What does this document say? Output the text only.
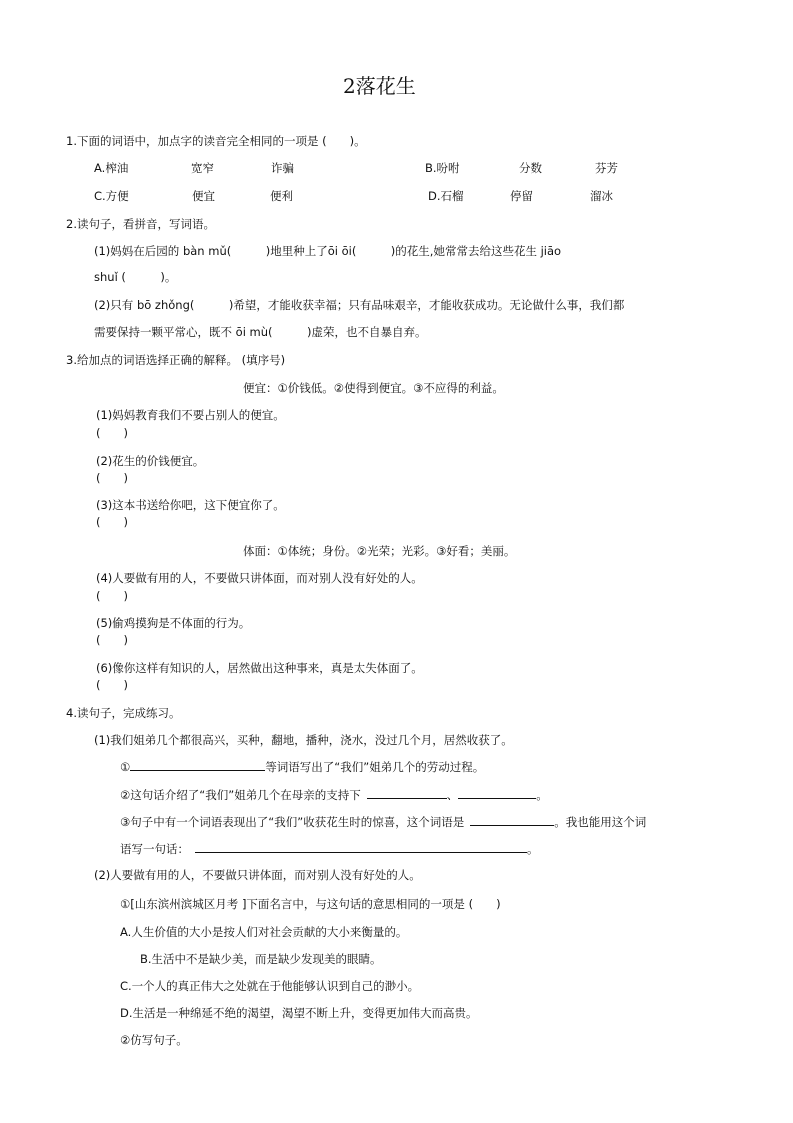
2落花生
1.下面的词语中，加点字的读音完全相同的一项是 (　　)。
A.榨油	宽窄	诈骗	B.吩咐	分数	芬芳
C.方便	便宜	便利	D.石榴	停留	溜冰
2.读句子，看拼音，写词语。
(1)妈妈在后园的 bàn mǔ(　　　)地里种上了ōi ōi(　　　)的花生,她常常去给这些花生 jiāo
shuǐ (　　　)。
(2)只有 bō zhǒng(　　　)希望，才能收获幸福；只有品味艰辛，才能收获成功。无论做什么事，我们都
需要保持一颗平常心，既不 ōi mù(　　　)虚荣，也不自暴自弃。
3.给加点的词语选择正确的解释。 (填序号)
便宜：①价钱低。②使得到便宜。③不应得的利益。
(1)妈妈教育我们不要占别人的便宜。
(　　)
(2)花生的价钱便宜。
(　　)
(3)这本书送给你吧，这下便宜你了。
(　　)
体面：①体统；身份。②光荣；光彩。③好看；美丽。
(4)人要做有用的人，不要做只讲体面，而对别人没有好处的人。
(　　)
(5)偷鸡摸狗是不体面的行为。
(　　)
(6)像你这样有知识的人，居然做出这种事来，真是太失体面了。
(　　)
4.读句子，完成练习。
(1)我们姐弟几个都很高兴，买种，翻地，播种，浇水，没过几个月，居然收获了。
①	等词语写出了“我们”姐弟几个的劳动过程。
②这句话介绍了“我们”姐弟几个在母亲的支持下	、	。
③句子中有一个词语表现出了“我们”收获花生时的惊喜，这个词语是	。我也能用这个词
语写一句话：	。
(2)人要做有用的人，不要做只讲体面，而对别人没有好处的人。
①[山东滨州滨城区月考 ]下面名言中，与这句话的意思相同的一项是 (　　)
A.人生价值的大小是按人们对社会贡献的大小来衡量的。
B.生活中不是缺少美，而是缺少发现美的眼睛。
C.一个人的真正伟大之处就在于他能够认识到自己的渺小。
D.生活是一种绵延不绝的渴望，渴望不断上升，变得更加伟大而高贵。
②仿写句子。
